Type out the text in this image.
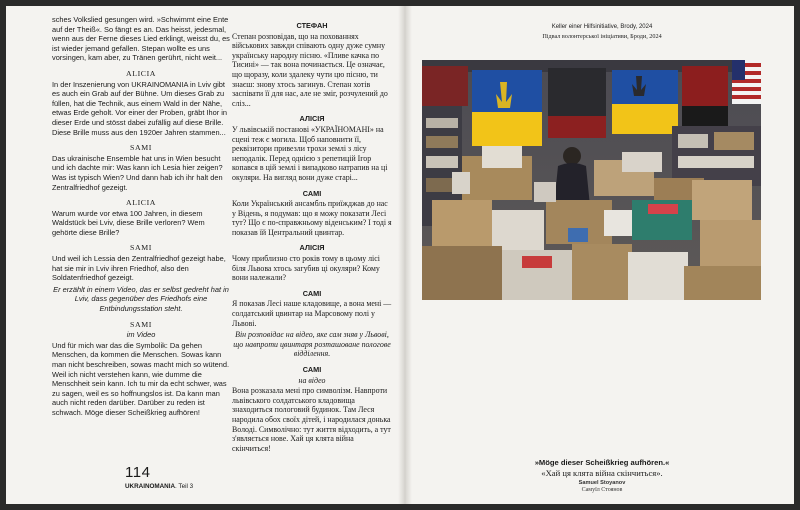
sches Volkslied gesungen wird. »Schwimmt eine Ente auf der Theiß«. So fängt es an. Das heisst, jedesmal, wenn aus der Ferne dieses Lied erklingt, weisst du, es ist wieder jemand gefallen. Stepan wollte es uns vorsingen, kam aber, zu Tränen gerührt, nicht weit...

ALICIA

In der Inszenierung von UKRAINOMANIA in Lviv gibt es auch ein Grab auf der Bühne. Um dieses Grab zu füllen, hat die Technik, aus einem Wald in der Nähe, etwas Erde geholt. Vor einer der Proben, gräbt Ihor in dieser Erde und stösst dabei zufällig auf diese Brille. Diese Brille muss aus den 1920er Jahren stammen...

SAMI

Das ukrainische Ensemble hat uns in Wien besucht und ich dachte mir: Was kann ich Lesia hier zeigen? Was ist typisch Wien? Und dann hab ich ihr halt den Zentralfriedhof gezeigt.

ALICIA

Warum wurde vor etwa 100 Jahren, in diesem Waldstück bei Lviv, diese Brille verloren? Wem gehörte diese Brille?

SAMI

Und weil ich Lessia den Zentralfriedhof gezeigt habe, hat sie mir in Lviv ihren Friedhof, also den Soldatenfriedhof gezeigt.

Er erzählt in einem Video, das er selbst gedreht hat in Lviv, dass gegenüber des Friedhofs eine Entbindungsstation steht.
SAMI
im Video

Und für mich war das die Symbolik: Da gehen Menschen, da kommen die Menschen. Sowas kann man nicht beschreiben, sowas macht mich so wütend. Weil ich nicht verstehen kann, wie dumme die Menschheit sein kann. Ich tu mir da echt schwer, was zu sagen, weil es so hoffnungslos ist. Da kann man auch nicht reden darüber. Darüber zu reden ist schwach. Möge dieser Scheißkrieg aufhören!

СТЕФАН

Степан розповідав, що на похованнях військових завжди співають одну дуже сумну українську народну пісню. «Пливе качка по Тисині» — так вона починається. Це означає, що щоразу, коли здалеку чути цю пісню, ти знаєш: знову хтось загинув. Степан хотів заспівати її для нас, але не зміг, розчулений до сліз...

АЛІСІЯ

У львівській постанові «УКРАЇНОМАНІ» на сцені теж є могила. Щоб наповнити її, реквізитори привезли трохи землі з лісу неподалік. Перед однією з репетицій Ігор копався в цій землі і випадково натрапив на ці окуляри. На вигляд вони дуже старі...

САМІ

Коли Український ансамбль приїжджав до нас у Відень, я подумав: що я можу показати Лесі тут? Що є по-справжньому віденським? І тоді я показав їй Центральний цвинтар.

АЛІСІЯ

Чому приблизно сто років тому в цьому лісі біля Львова хтось загубив ці окуляри? Кому вони належали?

САМІ

Я показав Лесі наше кладовище, а вона мені — солдатський цвинтар на Марсовому полі у Львові.

Він розповідає на відео, яке сам зняв у Львові, що навпроти цвинтаря розташоване пологове відділення.
САМІ
на відео

Вона розказала мені про символізм. Навпроти львівського солдатського кладовища знаходиться пологовий будинок. Там Леся народила обох своїх дітей, і народилася донька Володі. Символічно: тут життя відходить, а тут з'являється нове. Хай ця клята війна скінчиться!

114
UKRAINOMANIA. Teil 3
Keller einer Hilfsinitiative, Brody, 2024
Підвал волонтерської ініціативи, Броди, 2024
»Möge dieser Scheißkrieg aufhören.«
«Хай ця клята війна скінчиться».
Samuel Stoyanov
Самуїл Стоянов
